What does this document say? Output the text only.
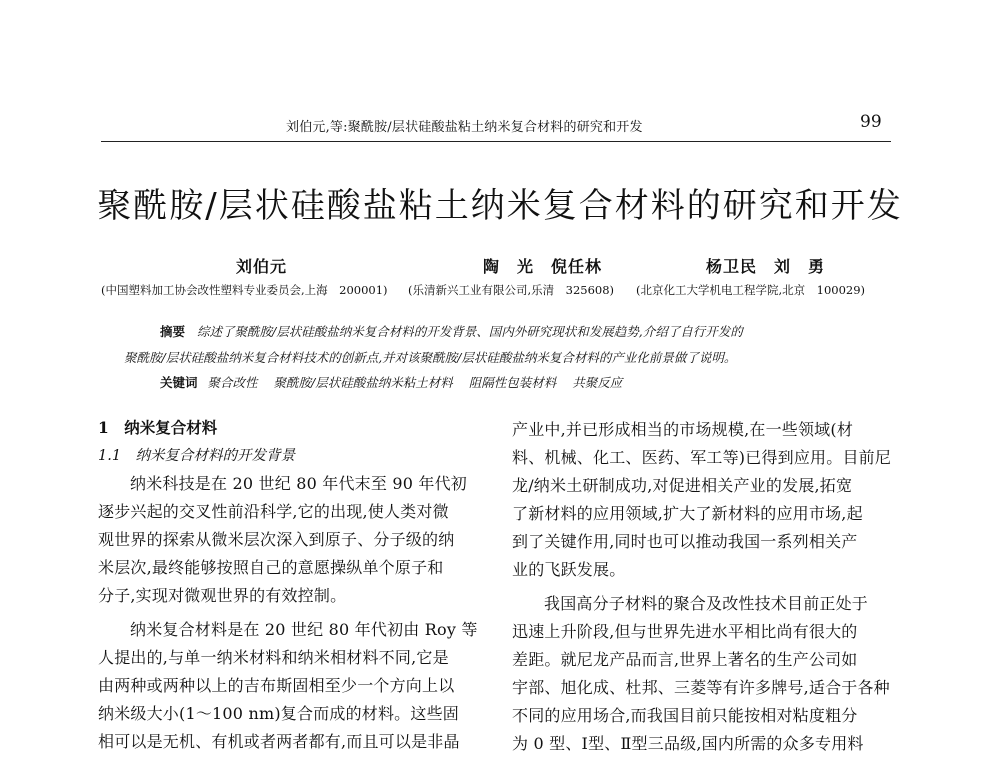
刘伯元,等:聚酰胺/层状硅酸盐粘土纳米复合材料的研究和开发	99
聚酰胺/层状硅酸盐粘土纳米复合材料的研究和开发
刘伯元	陶　光　倪任林	杨卫民　刘　勇
(中国塑料加工协会改性塑料专业委员会,上海　200001) (乐清新兴工业有限公司,乐清　325608) (北京化工大学机电工程学院,北京　100029)
摘要 综述了聚酰胺/层状硅酸盐纳米复合材料的开发背景、国内外研究现状和发展趋势,介绍了自行开发的
聚酰胺/层状硅酸盐纳米复合材料技术的创新点,并对该聚酰胺/层状硅酸盐纳米复合材料的产业化前景做了说明。
关键词 聚合改性 聚酰胺/层状硅酸盐纳米粘土材料 阻隔性包装材料 共聚反应
1　纳米复合材料
1.1　纳米复合材料的开发背景
纳米科技是在 20 世纪 80 年代末至 90 年代初
逐步兴起的交叉性前沿科学,它的出现,使人类对微
观世界的探索从微米层次深入到原子、分子级的纳
米层次,最终能够按照自己的意愿操纵单个原子和
分子,实现对微观世界的有效控制。
纳米复合材料是在 20 世纪 80 年代初由 Roy 等
人提出的,与单一纳米材料和纳米相材料不同,它是
由两种或两种以上的吉布斯固相至少一个方向上以
纳米级大小(1～100 nm)复合而成的材料。这些固
相可以是无机、有机或者两者都有,而且可以是非晶
产业中,并已形成相当的市场规模,在一些领域(材
料、机械、化工、医药、军工等)已得到应用。目前尼
龙/纳米土研制成功,对促进相关产业的发展,拓宽
了新材料的应用领域,扩大了新材料的应用市场,起
到了关键作用,同时也可以推动我国一系列相关产
业的飞跃发展。
我国高分子材料的聚合及改性技术目前正处于
迅速上升阶段,但与世界先进水平相比尚有很大的
差距。就尼龙产品而言,世界上著名的生产公司如
宇部、旭化成、杜邦、三菱等有许多牌号,适合于各种
不同的应用场合,而我国目前只能按相对粘度粗分
为 0 型、Ⅰ型、Ⅱ型三品级,国内所需的众多专用料
